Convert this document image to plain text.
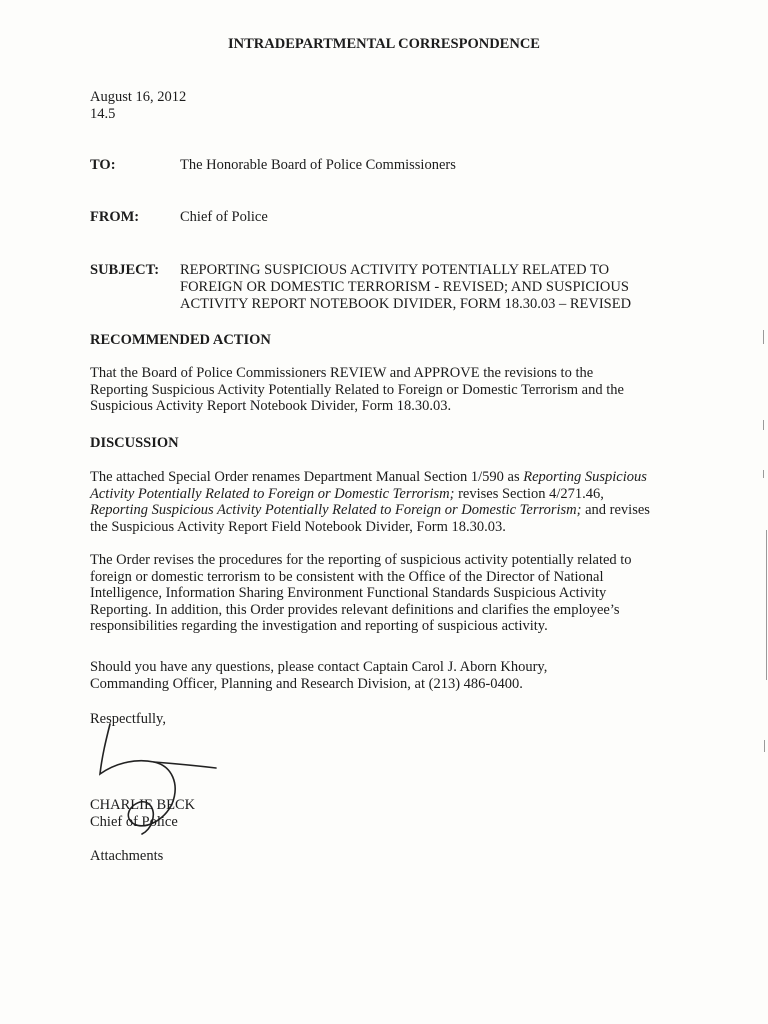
INTRADEPARTMENTAL CORRESPONDENCE
August 16, 2012
14.5
TO:	The Honorable Board of Police Commissioners
FROM:	Chief of Police
SUBJECT: REPORTING SUSPICIOUS ACTIVITY POTENTIALLY RELATED TO
FOREIGN OR DOMESTIC TERRORISM - REVISED; AND SUSPICIOUS
ACTIVITY REPORT NOTEBOOK DIVIDER, FORM 18.30.03 – REVISED
RECOMMENDED ACTION
That the Board of Police Commissioners REVIEW and APPROVE the revisions to the
Reporting Suspicious Activity Potentially Related to Foreign or Domestic Terrorism and the
Suspicious Activity Report Notebook Divider, Form 18.30.03.
DISCUSSION
The attached Special Order renames Department Manual Section 1/590 as Reporting Suspicious
Activity Potentially Related to Foreign or Domestic Terrorism; revises Section 4/271.46,
Reporting Suspicious Activity Potentially Related to Foreign or Domestic Terrorism; and revises
the Suspicious Activity Report Field Notebook Divider, Form 18.30.03.
The Order revises the procedures for the reporting of suspicious activity potentially related to
foreign or domestic terrorism to be consistent with the Office of the Director of National
Intelligence, Information Sharing Environment Functional Standards Suspicious Activity
Reporting. In addition, this Order provides relevant definitions and clarifies the employee’s
responsibilities regarding the investigation and reporting of suspicious activity.
Should you have any questions, please contact Captain Carol J. Aborn Khoury,
Commanding Officer, Planning and Research Division, at (213) 486-0400.
Respectfully,
CHARLIE BECK
Chief of Police
Attachments
